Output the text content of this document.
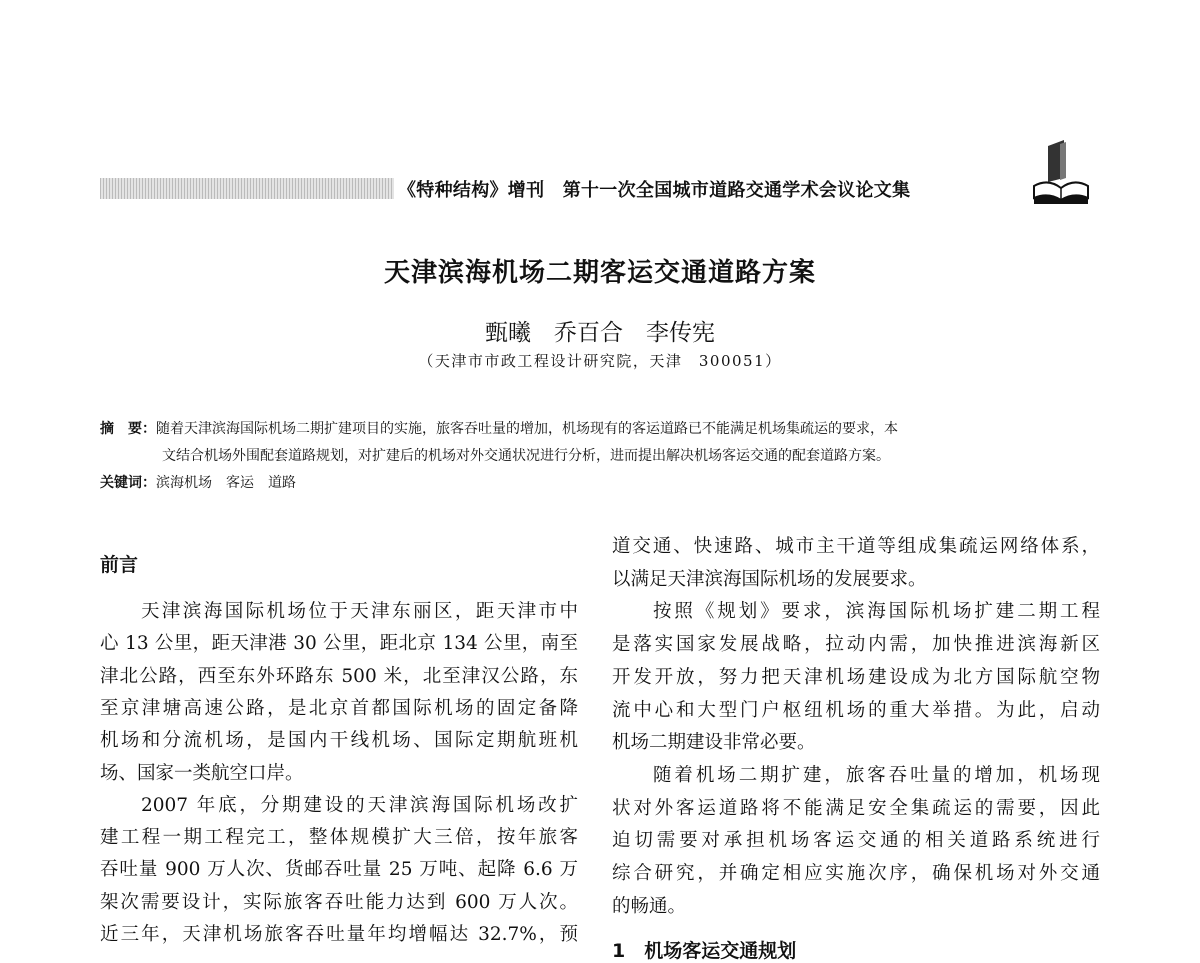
《特种结构》增刊　第十一次全国城市道路交通学术会议论文集
天津滨海机场二期客运交通道路方案
甄曦　乔百合　李传宪
（天津市市政工程设计研究院，天津　300051）
摘　要：随着天津滨海国际机场二期扩建项目的实施，旅客吞吐量的增加，机场现有的客运道路已不能满足机场集疏运的要求，本
文结合机场外围配套道路规划，对扩建后的机场对外交通状况进行分析，进而提出解决机场客运交通的配套道路方案。
关键词：滨海机场　客运　道路
前言
天津滨海国际机场位于天津东丽区，距天津市中
心 13 公里，距天津港 30 公里，距北京 134 公里，南至
津北公路，西至东外环路东 500 米，北至津汉公路，东
至京津塘高速公路，是北京首都国际机场的固定备降
机场和分流机场，是国内干线机场、国际定期航班机
场、国家一类航空口岸。
2007 年底，分期建设的天津滨海国际机场改扩
建工程一期工程完工，整体规模扩大三倍，按年旅客
吞吐量 900 万人次、货邮吞吐量 25 万吨、起降 6.6 万
架次需要设计，实际旅客吞吐能力达到 600 万人次。
近三年，天津机场旅客吞吐量年均增幅达 32.7%，预
道交通、快速路、城市主干道等组成集疏运网络体系，
以满足天津滨海国际机场的发展要求。
按照《规划》要求，滨海国际机场扩建二期工程
是落实国家发展战略，拉动内需，加快推进滨海新区
开发开放，努力把天津机场建设成为北方国际航空物
流中心和大型门户枢纽机场的重大举措。为此，启动
机场二期建设非常必要。
随着机场二期扩建，旅客吞吐量的增加，机场现
状对外客运道路将不能满足安全集疏运的需要，因此
迫切需要对承担机场客运交通的相关道路系统进行
综合研究，并确定相应实施次序，确保机场对外交通
的畅通。
1　机场客运交通规划
